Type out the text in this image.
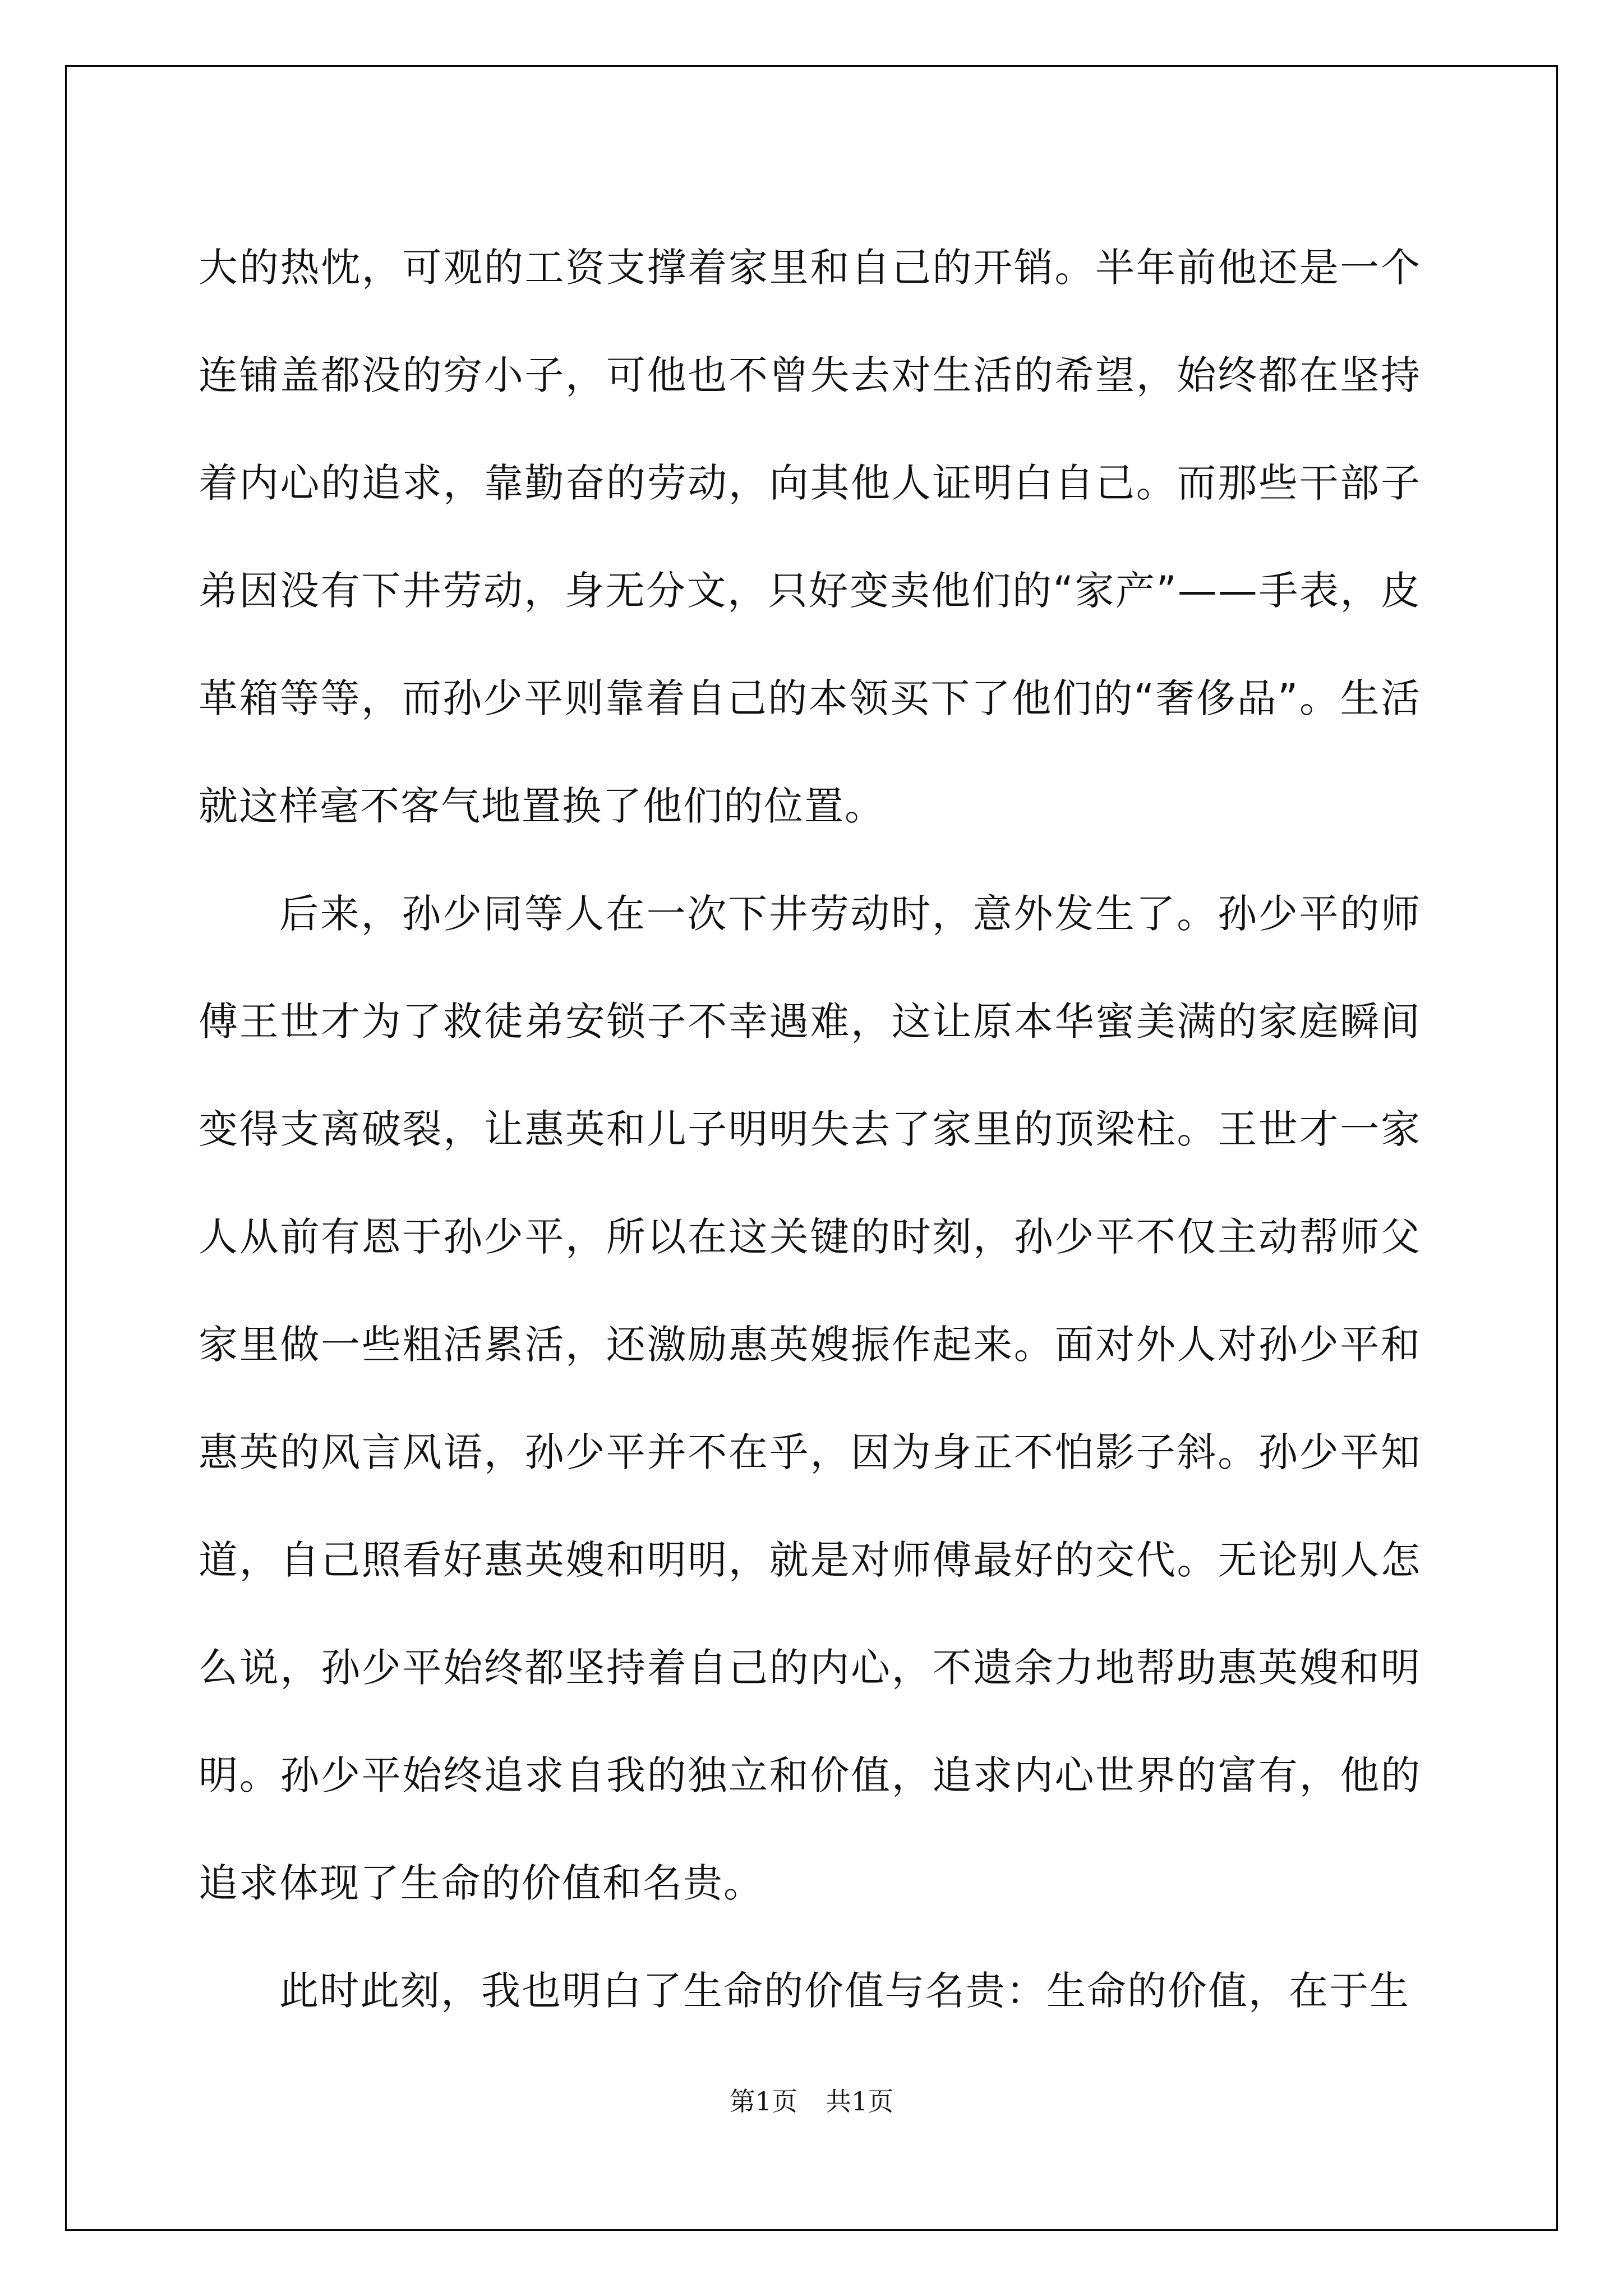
大的热忱，可观的工资支撑着家里和自己的开销。半年前他还是一个连铺盖都没的穷小子，可他也不曾失去对生活的希望，始终都在坚持着内心的追求，靠勤奋的劳动，向其他人证明白自己。而那些干部子弟因没有下井劳动，身无分文，只好变卖他们的“家产”——手表，皮革箱等等，而孙少平则靠着自己的本领买下了他们的“奢侈品”。生活就这样毫不客气地置换了他们的位置。

后来，孙少同等人在一次下井劳动时，意外发生了。孙少平的师傅王世才为了救徒弟安锁子不幸遇难，这让原本华蜜美满的家庭瞬间变得支离破裂，让惠英和儿子明明失去了家里的顶梁柱。王世才一家人从前有恩于孙少平，所以在这关键的时刻，孙少平不仅主动帮师父家里做一些粗活累活，还激励惠英嫂振作起来。面对外人对孙少平和惠英的风言风语，孙少平并不在乎，因为身正不怕影子斜。孙少平知道，自己照看好惠英嫂和明明，就是对师傅最好的交代。无论别人怎么说，孙少平始终都坚持着自己的内心，不遗余力地帮助惠英嫂和明明。孙少平始终追求自我的独立和价值，追求内心世界的富有，他的追求体现了生命的价值和名贵。

此时此刻，我也明白了生命的价值与名贵：生命的价值，在于生

第1页 共1页
